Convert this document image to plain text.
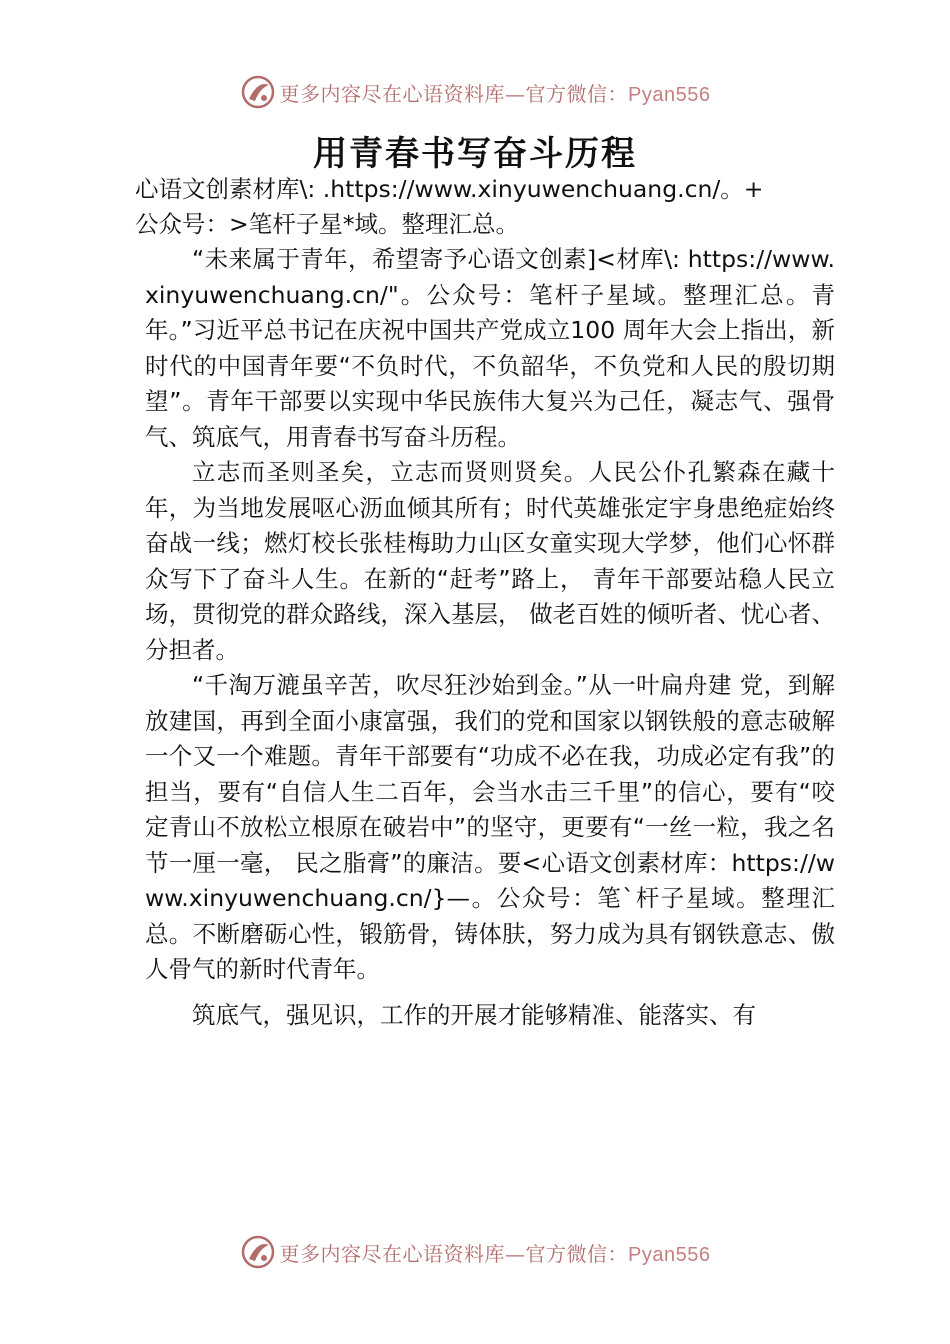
更多内容尽在心语资料库—官方微信：Pyan556
用青春书写奋斗历程
心语文创素材库\: .https://www.xinyuwenchuang.cn/。+
公众号：>笔杆子星*域。整理汇总。

“未来属于青年，希望寄予心语文创素]<材库\: https://www.xinyuwenchuang.cn/"。公众号：笔杆子星域。整理汇总。青年。”习近平总书记在庆祝中国共产党成立100 周年大会上指出，新时代的中国青年要“不负时代，不负韶华，不负党和人民的殷切期望”。青年干部要以实现中华民族伟大复兴为己任，凝志气、强骨气、筑底气，用青春书写奋斗历程。

立志而圣则圣矣，立志而贤则贤矣。人民公仆孔繁森在藏十年，为当地发展呕心沥血倾其所有；时代英雄张定宇身患绝症始终奋战一线；燃灯校长张桂梅助力山区女童实现大学梦，他们心怀群众写下了奋斗人生。在新的“赶考”路上， 青年干部要站稳人民立场，贯彻党的群众路线，深入基层， 做老百姓的倾听者、忧心者、分担者。

“千淘万漉虽辛苦，吹尽狂沙始到金。”从一叶扁舟建 党，到解放建国，再到全面小康富强，我们的党和国家以钢铁般的意志破解一个又一个难题。青年干部要有“功成不必在我，功成必定有我”的担当，要有“自信人生二百年，会当水击三千里”的信心，要有“咬定青山不放松立根原在破岩中”的坚守，更要有“一丝一粒，我之名节一厘一毫， 民之脂膏”的廉洁。要<心语文创素材库：https://www.xinyuwenchuang.cn/}—。公众号：笔`杆子星域。整理汇总。不断磨砺心性，锻筋骨，铸体肤，努力成为具有钢铁意志、傲人骨气的新时代青年。

筑底气，强见识，工作的开展才能够精准、能落实、有

更多内容尽在心语资料库—官方微信：Pyan556
